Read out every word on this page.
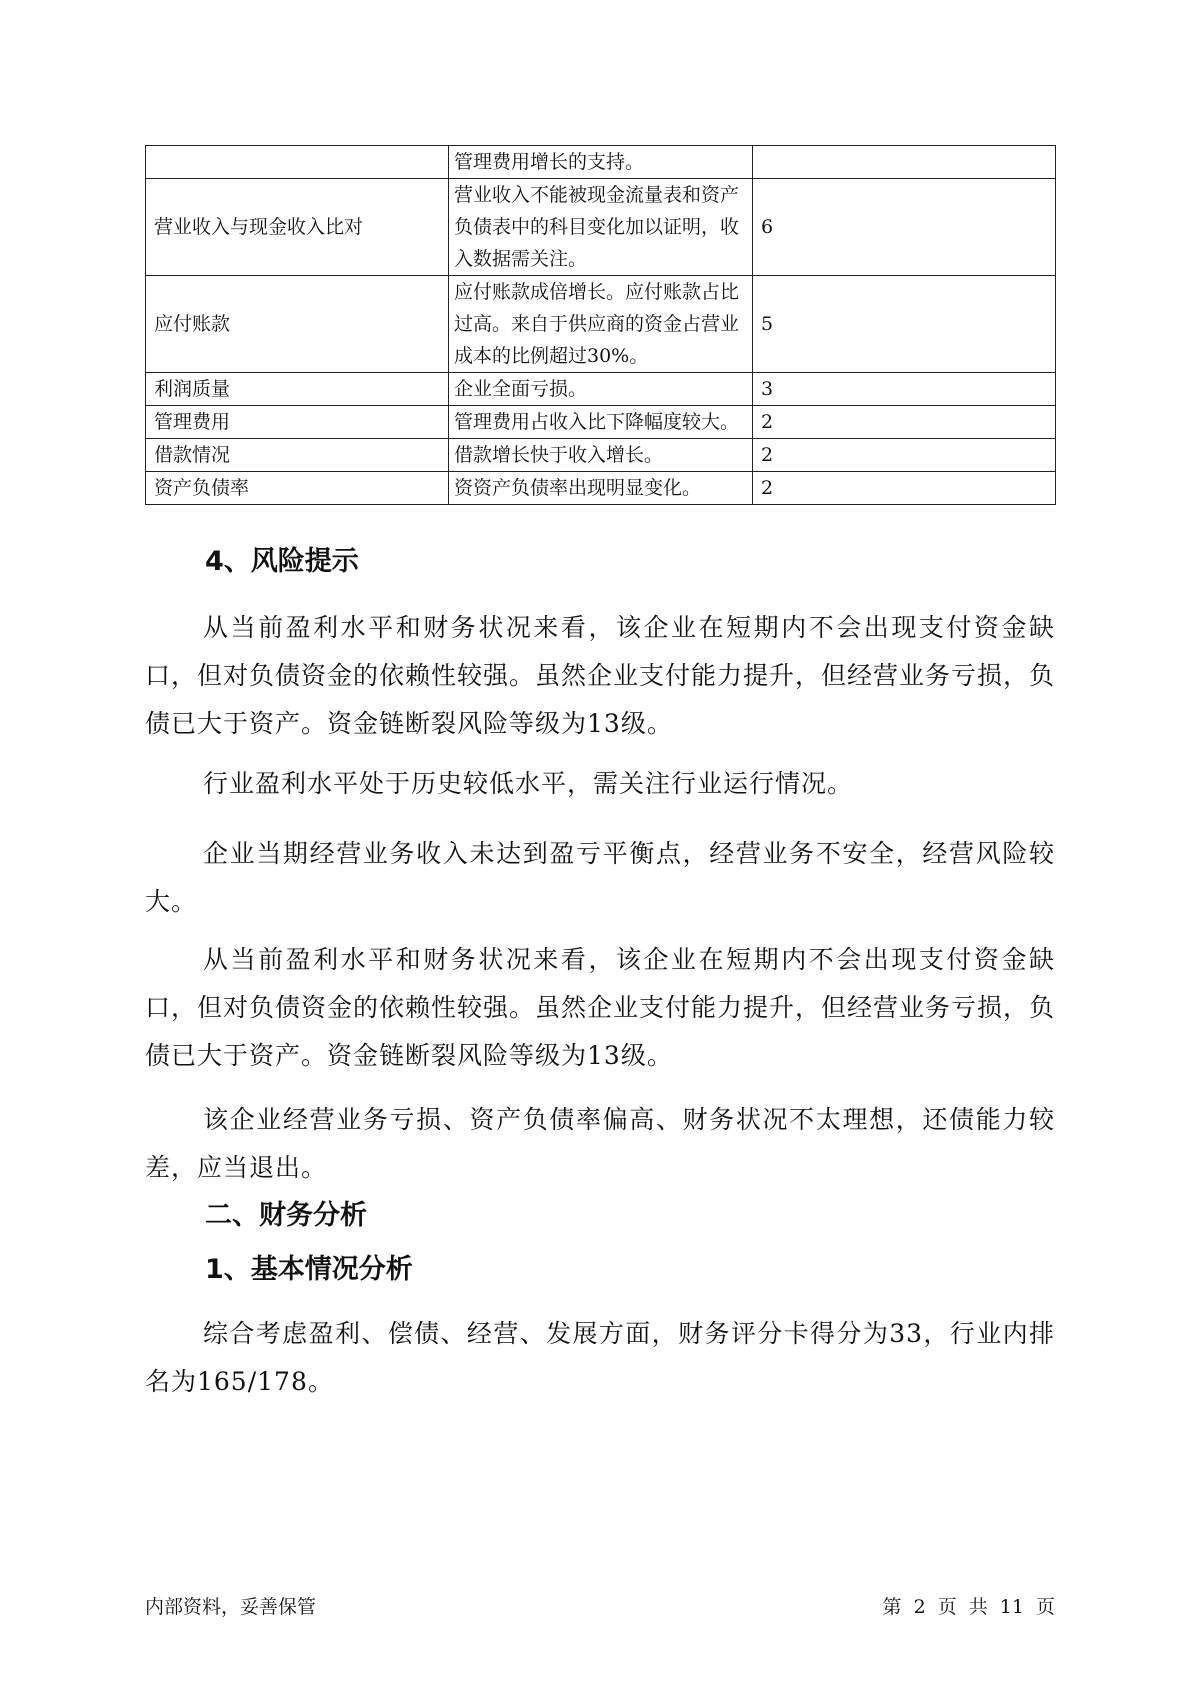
	管理费用增长的支持。	
营业收入与现金收入比对	营业收入不能被现金流量表和资产负债表中的科目变化加以证明，收入数据需关注。	6
应付账款	应付账款成倍增长。应付账款占比过高。来自于供应商的资金占营业成本的比例超过30%。	5
利润质量	企业全面亏损。	3
管理费用	管理费用占收入比下降幅度较大。	2
借款情况	借款增长快于收入增长。	2
资产负债率	资资产负债率出现明显变化。	2
4、风险提示

从当前盈利水平和财务状况来看，该企业在短期内不会出现支付资金缺口，但对负债资金的依赖性较强。虽然企业支付能力提升，但经营业务亏损，负债已大于资产。资金链断裂风险等级为13级。

行业盈利水平处于历史较低水平，需关注行业运行情况。

企业当期经营业务收入未达到盈亏平衡点，经营业务不安全，经营风险较大。

从当前盈利水平和财务状况来看，该企业在短期内不会出现支付资金缺口，但对负债资金的依赖性较强。虽然企业支付能力提升，但经营业务亏损，负债已大于资产。资金链断裂风险等级为13级。

该企业经营业务亏损、资产负债率偏高、财务状况不太理想，还债能力较差，应当退出。

二、财务分析
1、基本情况分析

综合考虑盈利、偿债、经营、发展方面，财务评分卡得分为33，行业内排名为165/178。

内部资料，妥善保管	第 2 页 共 11 页
